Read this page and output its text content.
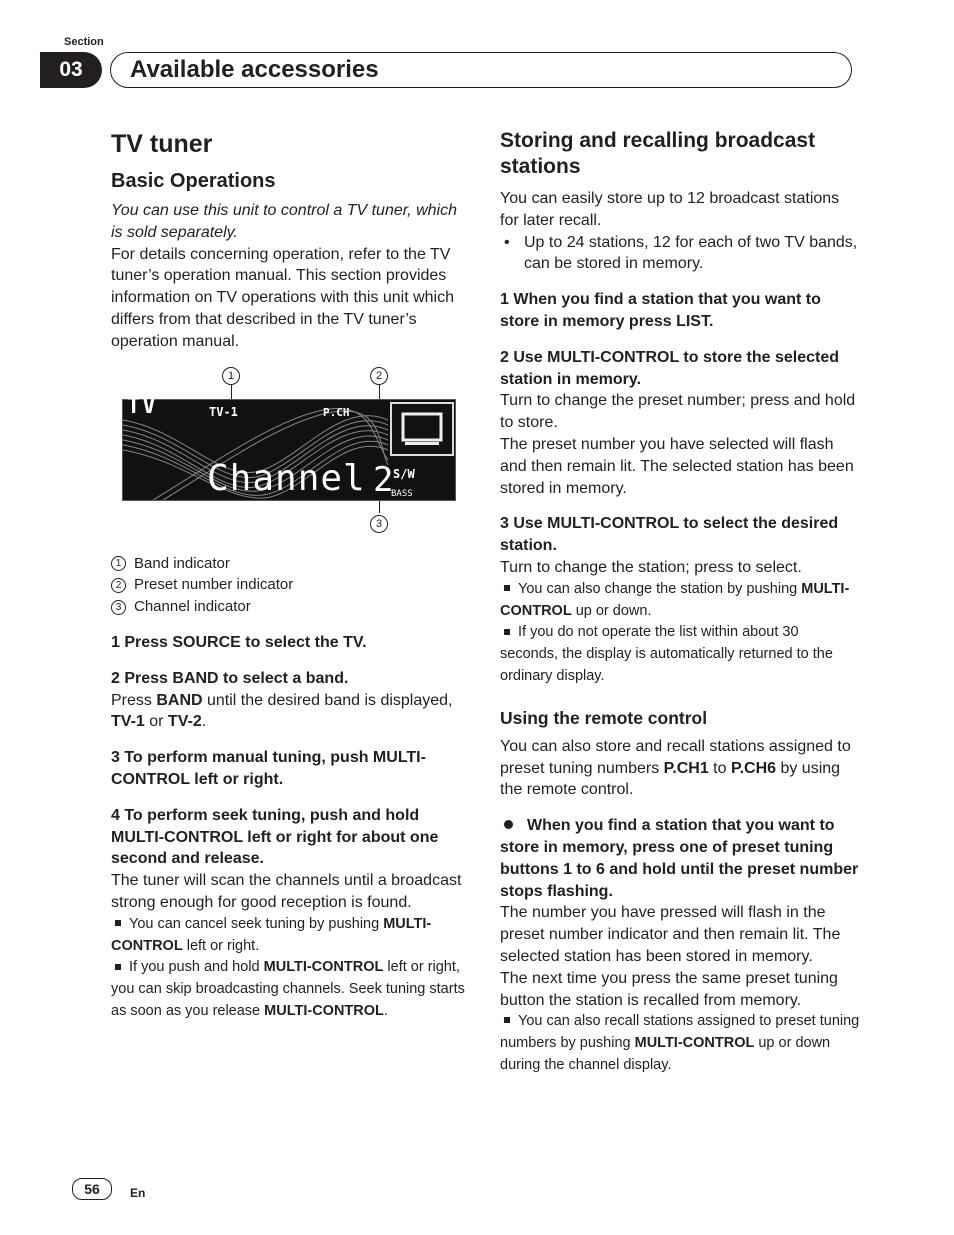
Section
03	Available accessories
TV tuner
Basic Operations

You can use this unit to control a TV tuner, which is sold separately.

For details concerning operation, refer to the TV tuner’s operation manual. This section provides information on TV operations with this unit which differs from that described in the TV tuner’s operation manual.

1	2
TV	TV-1	P.CH
Channel 2 S/W
BASS
3

1 Band indicator

2 Preset number indicator

3 Channel indicator

1 Press SOURCE to select the TV.

2 Press BAND to select a band.

Press BAND until the desired band is displayed, TV-1 or TV-2.

3 To perform manual tuning, push MULTI-CONTROL left or right.

4 To perform seek tuning, push and hold MULTI-CONTROL left or right for about one second and release.

The tuner will scan the channels until a broadcast strong enough for good reception is found.

You can cancel seek tuning by pushing MULTI-CONTROL left or right.

If you push and hold MULTI-CONTROL left or right, you can skip broadcasting channels. Seek tuning starts as soon as you release MULTI-CONTROL.

Storing and recalling broadcast stations

You can easily store up to 12 broadcast stations for later recall.

• Up to 24 stations, 12 for each of two TV bands, can be stored in memory.

1 When you find a station that you want to store in memory press LIST.

2 Use MULTI-CONTROL to store the selected station in memory.

Turn to change the preset number; press and hold to store.

The preset number you have selected will flash and then remain lit. The selected station has been stored in memory.

3 Use MULTI-CONTROL to select the desired station.

Turn to change the station; press to select.

You can also change the station by pushing MULTI-CONTROL up or down.

If you do not operate the list within about 30 seconds, the display is automatically returned to the ordinary display.

Using the remote control

You can also store and recall stations assigned to preset tuning numbers P.CH1 to P.CH6 by using the remote control.

When you find a station that you want to store in memory, press one of preset tuning buttons 1 to 6 and hold until the preset number stops flashing.

The number you have pressed will flash in the preset number indicator and then remain lit. The selected station has been stored in memory.

The next time you press the same preset tuning button the station is recalled from memory.

You can also recall stations assigned to preset tuning numbers by pushing MULTI-CONTROL up or down during the channel display.

56	En
